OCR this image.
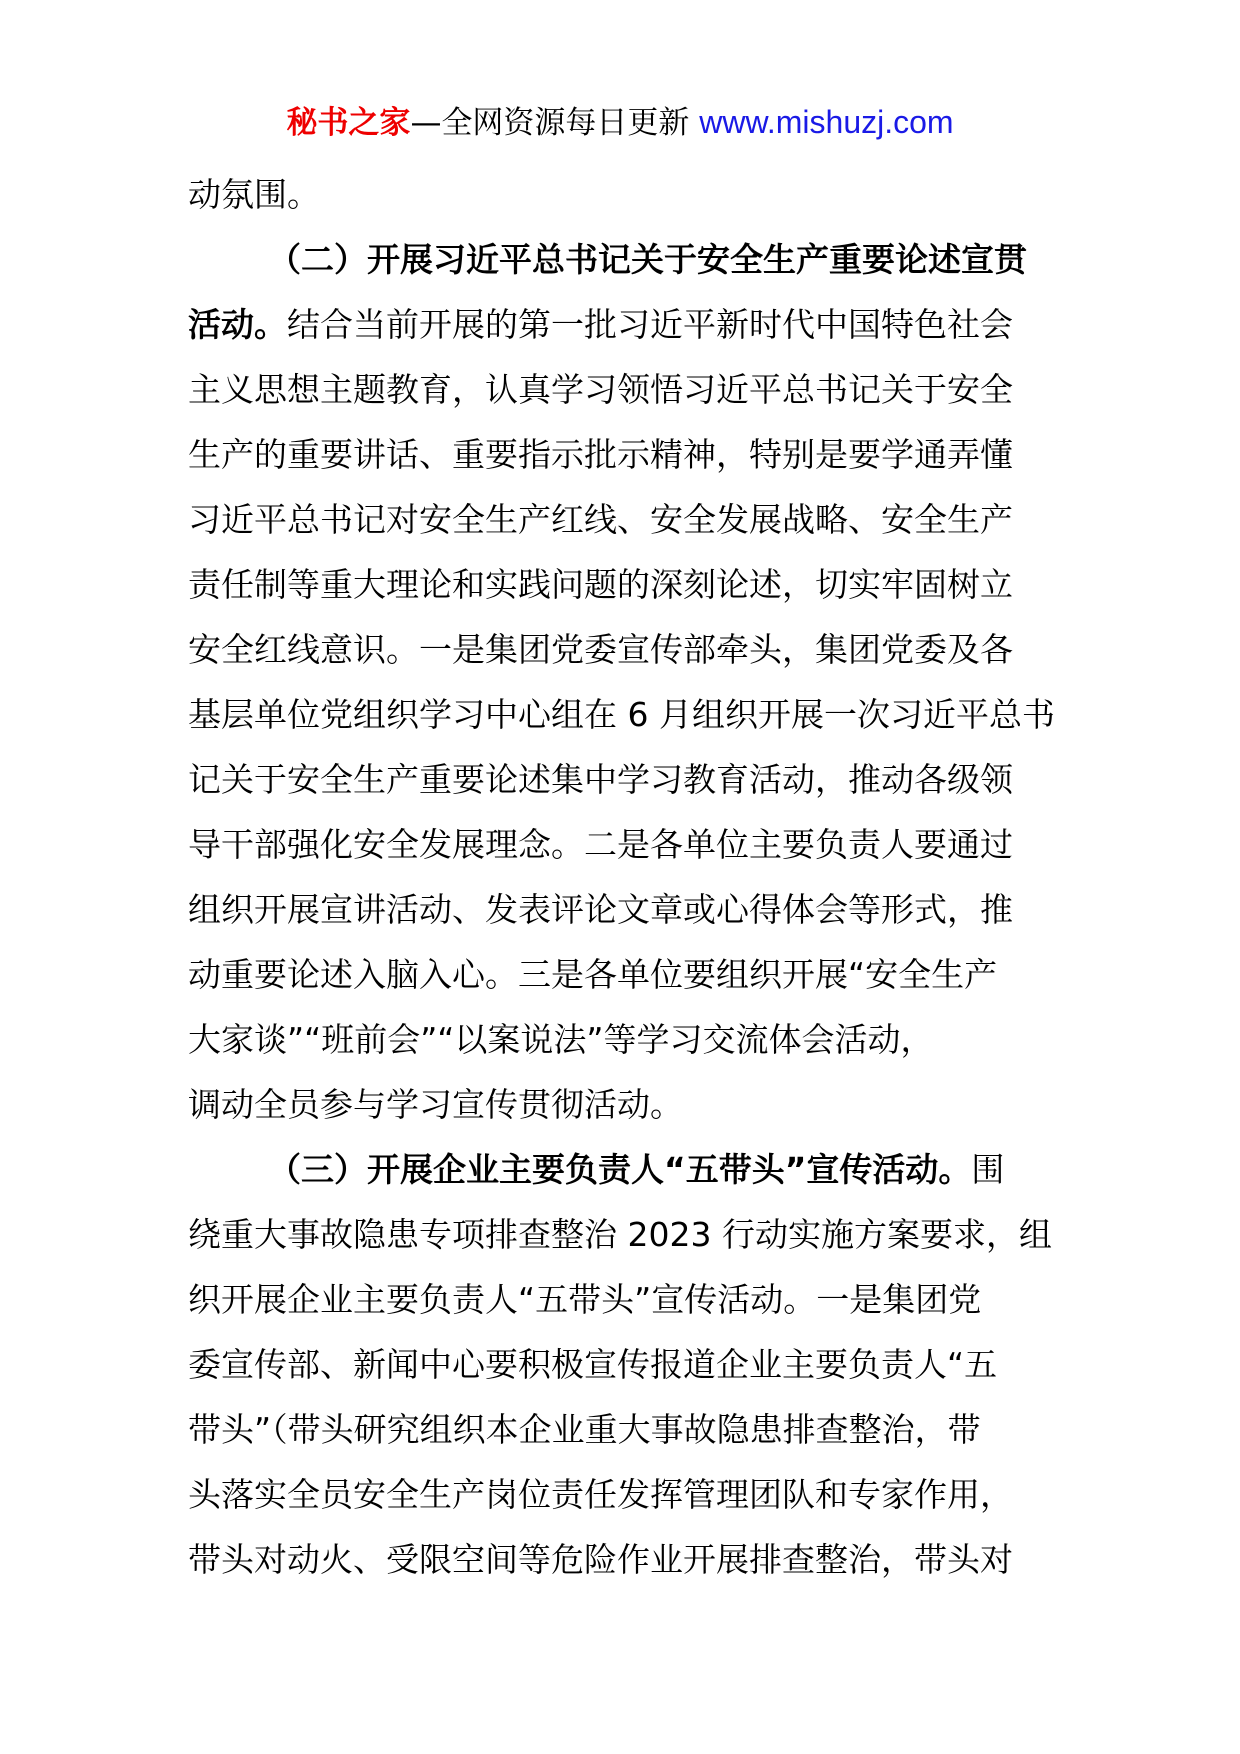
秘书之家—全网资源每日更新 www.mishuzj.com
动氛围。
（二）开展习近平总书记关于安全生产重要论述宣贯
活动。结合当前开展的第一批习近平新时代中国特色社会
主义思想主题教育，认真学习领悟习近平总书记关于安全
生产的重要讲话、重要指示批示精神，特别是要学通弄懂
习近平总书记对安全生产红线、安全发展战略、安全生产
责任制等重大理论和实践问题的深刻论述，切实牢固树立
安全红线意识。一是集团党委宣传部牵头，集团党委及各
基层单位党组织学习中心组在 6 月组织开展一次习近平总书
记关于安全生产重要论述集中学习教育活动，推动各级领
导干部强化安全发展理念。二是各单位主要负责人要通过
组织开展宣讲活动、发表评论文章或心得体会等形式，推
动重要论述入脑入心。三是各单位要组织开展“安全生产
大家谈”“班前会”“以案说法”等学习交流体会活动，
调动全员参与学习宣传贯彻活动。
（三）开展企业主要负责人“五带头”宣传活动。围
绕重大事故隐患专项排查整治 2023 行动实施方案要求，组
织开展企业主要负责人“五带头”宣传活动。一是集团党
委宣传部、新闻中心要积极宣传报道企业主要负责人“五
带头”（带头研究组织本企业重大事故隐患排查整治，带
头落实全员安全生产岗位责任发挥管理团队和专家作用，
带头对动火、受限空间等危险作业开展排查整治，带头对
